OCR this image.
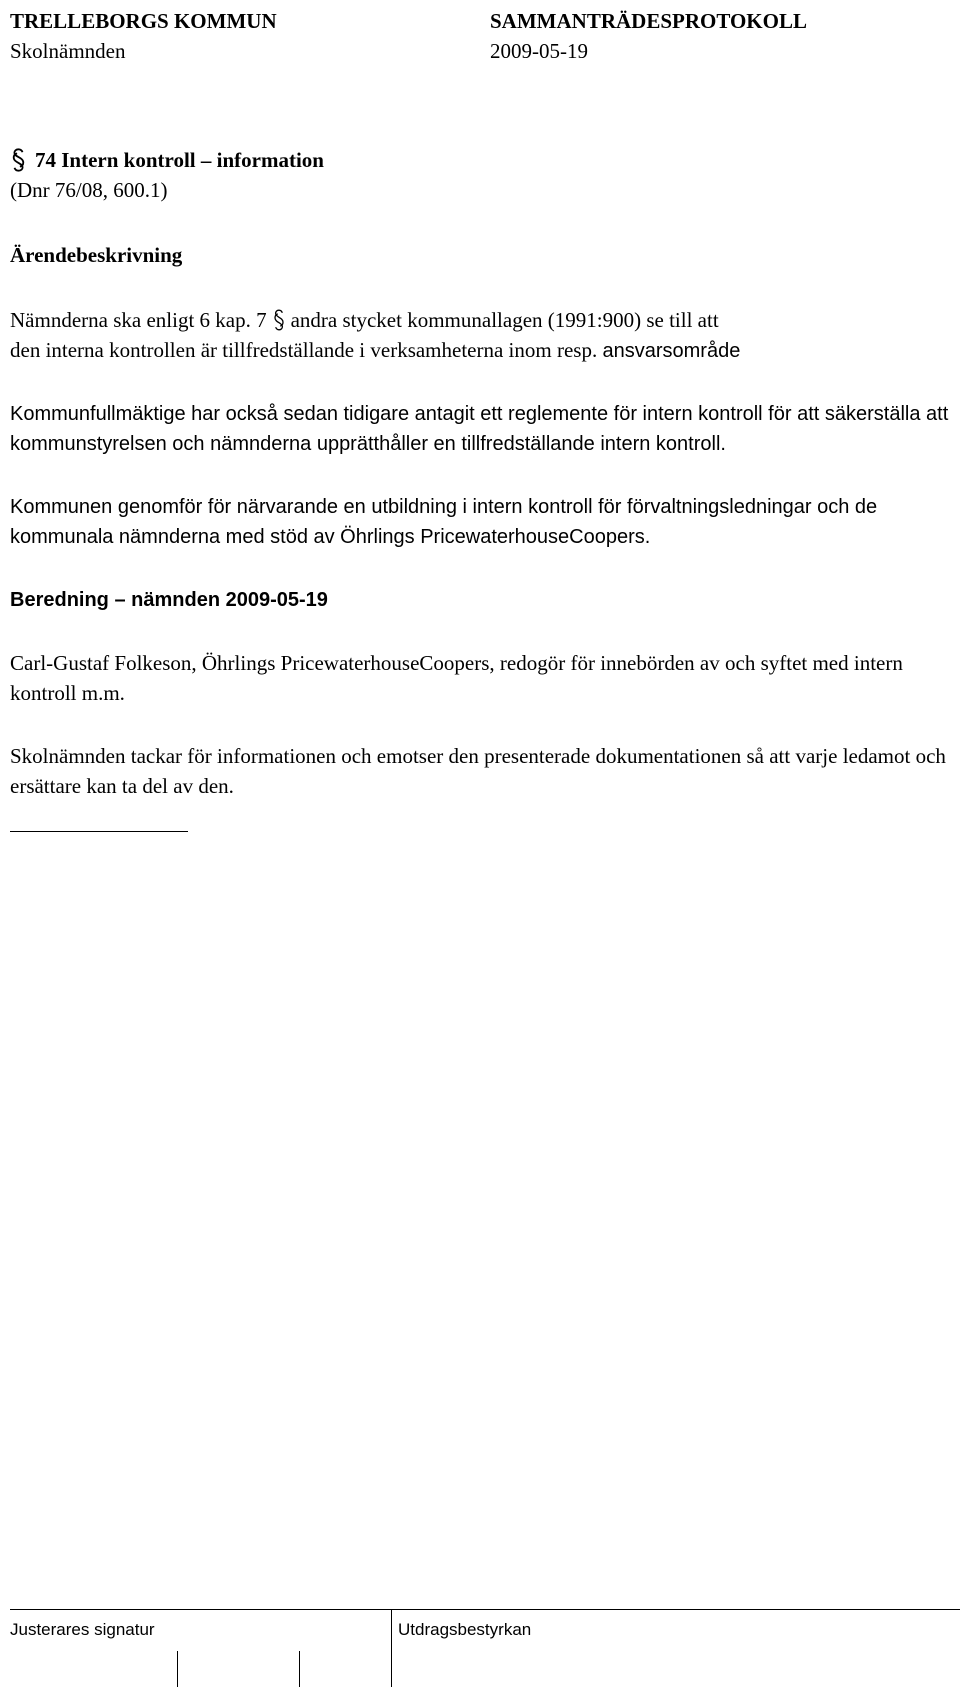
TRELLEBORGS KOMMUN	SAMMANTRÄDESPROTOKOLL
Skolnämnden	2009-05-19
74 Intern kontroll – information

(Dnr 76/08, 600.1)

Ärendebeskrivning

Nämnderna ska enligt 6 kap. 7 andra stycket kommunallagen (1991:900) se till att
den interna kontrollen är tillfredställande i verksamheterna inom resp. ansvarsområde

Kommunfullmäktige har också sedan tidigare antagit ett reglemente för intern kontroll för att säkerställa att kommunstyrelsen och nämnderna upprätthåller en tillfredställande intern kontroll.

Kommunen genomför för närvarande en utbildning i intern kontroll för förvaltningsledningar och de kommunala nämnderna med stöd av Öhrlings PricewaterhouseCoopers.

Beredning – nämnden 2009-05-19

Carl-Gustaf Folkeson, Öhrlings PricewaterhouseCoopers, redogör för innebörden av och syftet med intern kontroll m.m.

Skolnämnden tackar för informationen och emotser den presenterade dokumentationen så att varje ledamot och ersättare kan ta del av den.

Justerares signatur	Utdragsbestyrkan
